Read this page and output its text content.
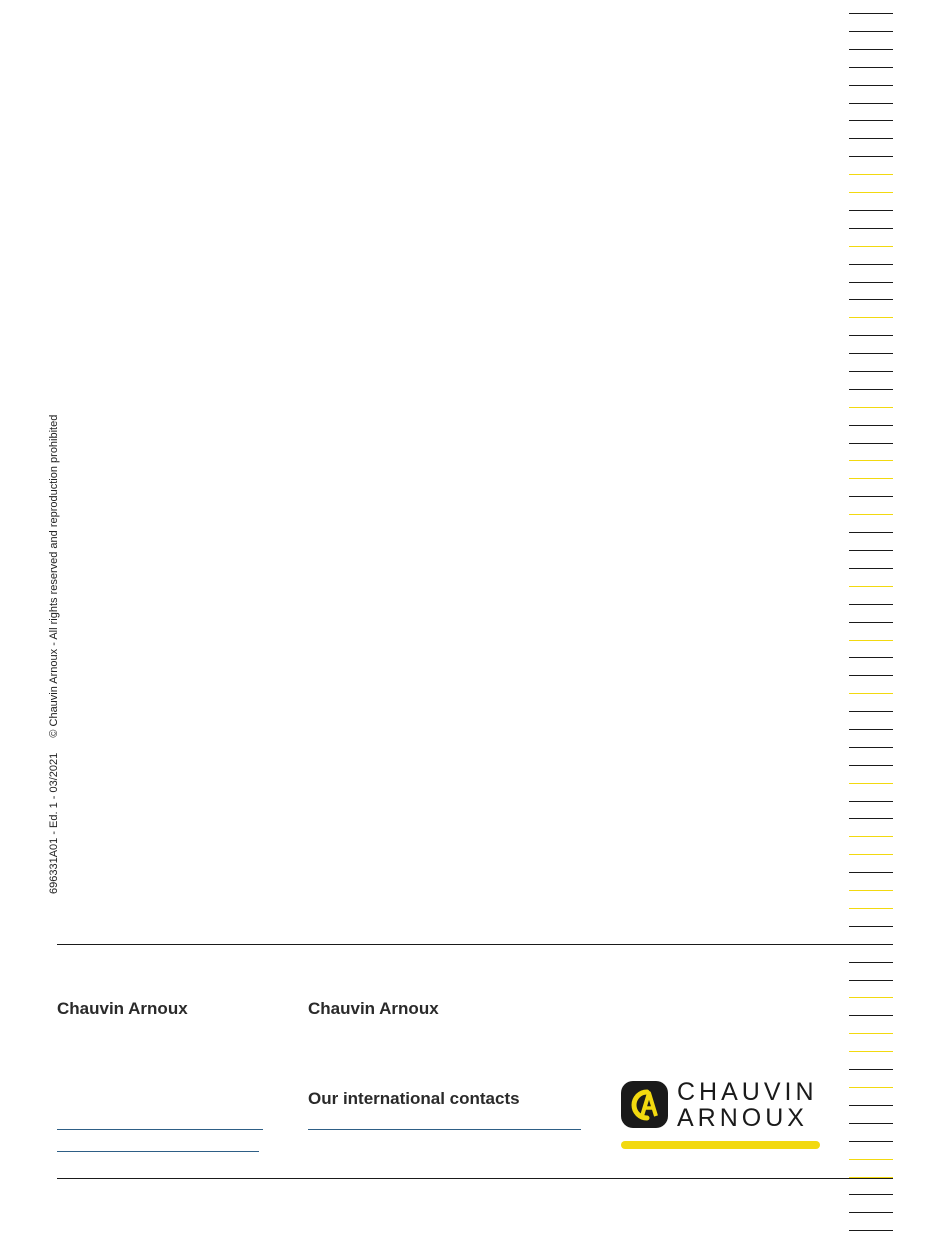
696331A01 - Ed. 1 - 03/2021 © Chauvin Arnoux - All rights reserved and reproduction prohibited
Chauvin Arnoux	Chauvin Arnoux
Our international contacts	CHAUVIN
ARNOUX
